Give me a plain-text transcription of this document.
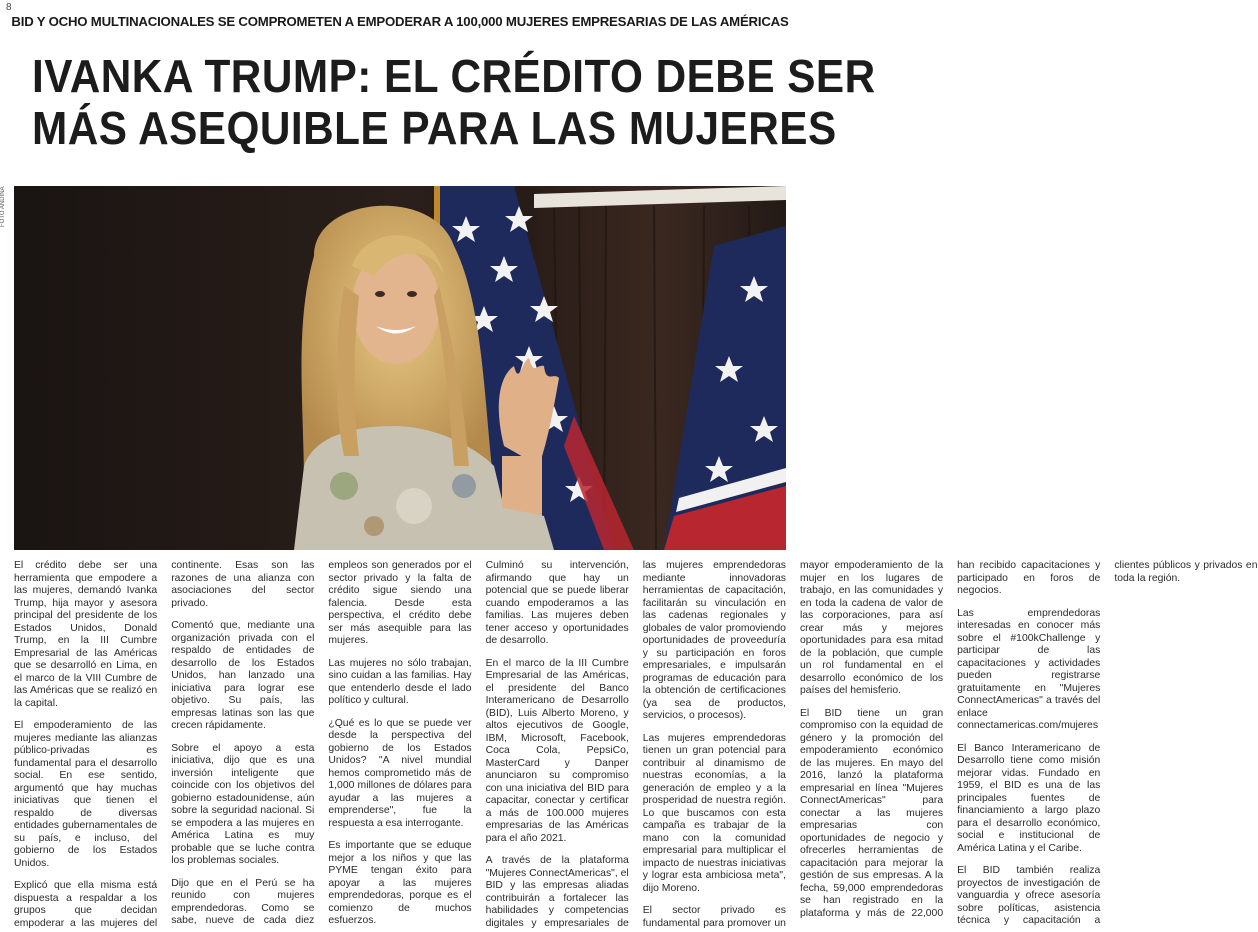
8
BID Y OCHO MULTINACIONALES SE COMPROMETEN A EMPODERAR A 100,000 MUJERES EMPRESARIAS DE LAS AMÉRICAS
IVANKA TRUMP: EL CRÉDITO DEBE SER
MÁS ASEQUIBLE PARA LAS MUJERES
FOTO ANDINA

El crédito debe ser una herramienta que empodere a las mujeres, demandó Ivanka Trump, hija mayor y asesora principal del presidente de los Estados Unidos, Donald Trump, en la III Cumbre Empresarial de las Américas que se desarrolló en Lima, en el marco de la VIII Cumbre de las Américas que se realizó en la capital.

El empoderamiento de las mujeres mediante las alianzas público-privadas es fundamental para el desarrollo social. En ese sentido, argumentó que hay muchas iniciativas que tienen el respaldo de diversas entidades gubernamentales de su país, e incluso, del gobierno de los Estados Unidos.

Explicó que ella misma está dispuesta a respaldar a los grupos que decidan empoderar a las mujeres del continente. Esas son las razones de una alianza con asociaciones del sector privado.

Comentó que, mediante una organización privada con el respaldo de entidades de desarrollo de los Estados Unidos, han lanzado una iniciativa para lograr ese objetivo. Su país, las empresas latinas son las que crecen rápidamente.

Sobre el apoyo a esta iniciativa, dijo que es una inversión inteligente que coincide con los objetivos del gobierno estadounidense, aún sobre la seguridad nacional. Si se empodera a las mujeres en América Latina es muy probable que se luche contra los problemas sociales.

Dijo que en el Perú se ha reunido con mujeres emprendedoras. Como se sabe, nueve de cada diez empleos son generados por el sector privado y la falta de crédito sigue siendo una falencia. Desde esta perspectiva, el crédito debe ser más asequible para las mujeres.

Las mujeres no sólo trabajan, sino cuidan a las familias. Hay que entenderlo desde el lado político y cultural.

¿Qué es lo que se puede ver desde la perspectiva del gobierno de los Estados Unidos? "A nivel mundial hemos comprometido más de 1,000 millones de dólares para ayudar a las mujeres a emprenderse", fue la respuesta a esa interrogante.

Es importante que se eduque mejor a los niños y que las PYME tengan éxito para apoyar a las mujeres emprendedoras, porque es el comienzo de muchos esfuerzos.

Culminó su intervención, afirmando que hay un potencial que se puede liberar cuando empoderamos a las familias. Las mujeres deben tener acceso y oportunidades de desarrollo.

En el marco de la III Cumbre Empresarial de las Américas, el presidente del Banco Interamericano de Desarrollo (BID), Luis Alberto Moreno, y altos ejecutivos de Google, IBM, Microsoft, Facebook, Coca Cola, PepsiCo, MasterCard y Danper anunciaron su compromiso con una iniciativa del BID para capacitar, conectar y certificar a más de 100.000 mujeres empresarias de las Américas para el año 2021.

A través de la plataforma "Mujeres ConnectAmericas", el BID y las empresas aliadas contribuirán a fortalecer las habilidades y competencias digitales y empresariales de las mujeres emprendedoras mediante innovadoras herramientas de capacitación, facilitarán su vinculación en las cadenas regionales y globales de valor promoviendo oportunidades de proveeduría y su participación en foros empresariales, e impulsarán programas de educación para la obtención de certificaciones (ya sea de productos, servicios, o procesos).

Las mujeres emprendedoras tienen un gran potencial para contribuir al dinamismo de nuestras economías, a la generación de empleo y a la prosperidad de nuestra región. Lo que buscamos con esta campaña es trabajar de la mano con la comunidad empresarial para multiplicar el impacto de nuestras iniciativas y lograr esta ambiciosa meta", dijo Moreno.

El sector privado es fundamental para promover un mayor empoderamiento de la mujer en los lugares de trabajo, en las comunidades y en toda la cadena de valor de las corporaciones, para así crear más y mejores oportunidades para esa mitad de la población, que cumple un rol fundamental en el desarrollo económico de los países del hemisferio.

El BID tiene un gran compromiso con la equidad de género y la promoción del empoderamiento económico de las mujeres. En mayo del 2016, lanzó la plataforma empresarial en línea "Mujeres ConnectAmericas" para conectar a las mujeres empresarias con oportunidades de negocio y ofrecerles herramientas de capacitación para mejorar la gestión de sus empresas. A la fecha, 59,000 emprendedoras se han registrado en la plataforma y más de 22,000 han recibido capacitaciones y participado en foros de negocios.

Las emprendedoras interesadas en conocer más sobre el #100kChallenge y participar de las capacitaciones y actividades pueden registrarse gratuitamente en "Mujeres ConnectAmericas" a través del enlace connectamericas.com/mujeres

El Banco Interamericano de Desarrollo tiene como misión mejorar vidas. Fundado en 1959, el BID es una de las principales fuentes de financiamiento a largo plazo para el desarrollo económico, social e institucional de América Latina y el Caribe.

El BID también realiza proyectos de investigación de vanguardia y ofrece asesoría sobre políticas, asistencia técnica y capacitación a clientes públicos y privados en toda la región.
